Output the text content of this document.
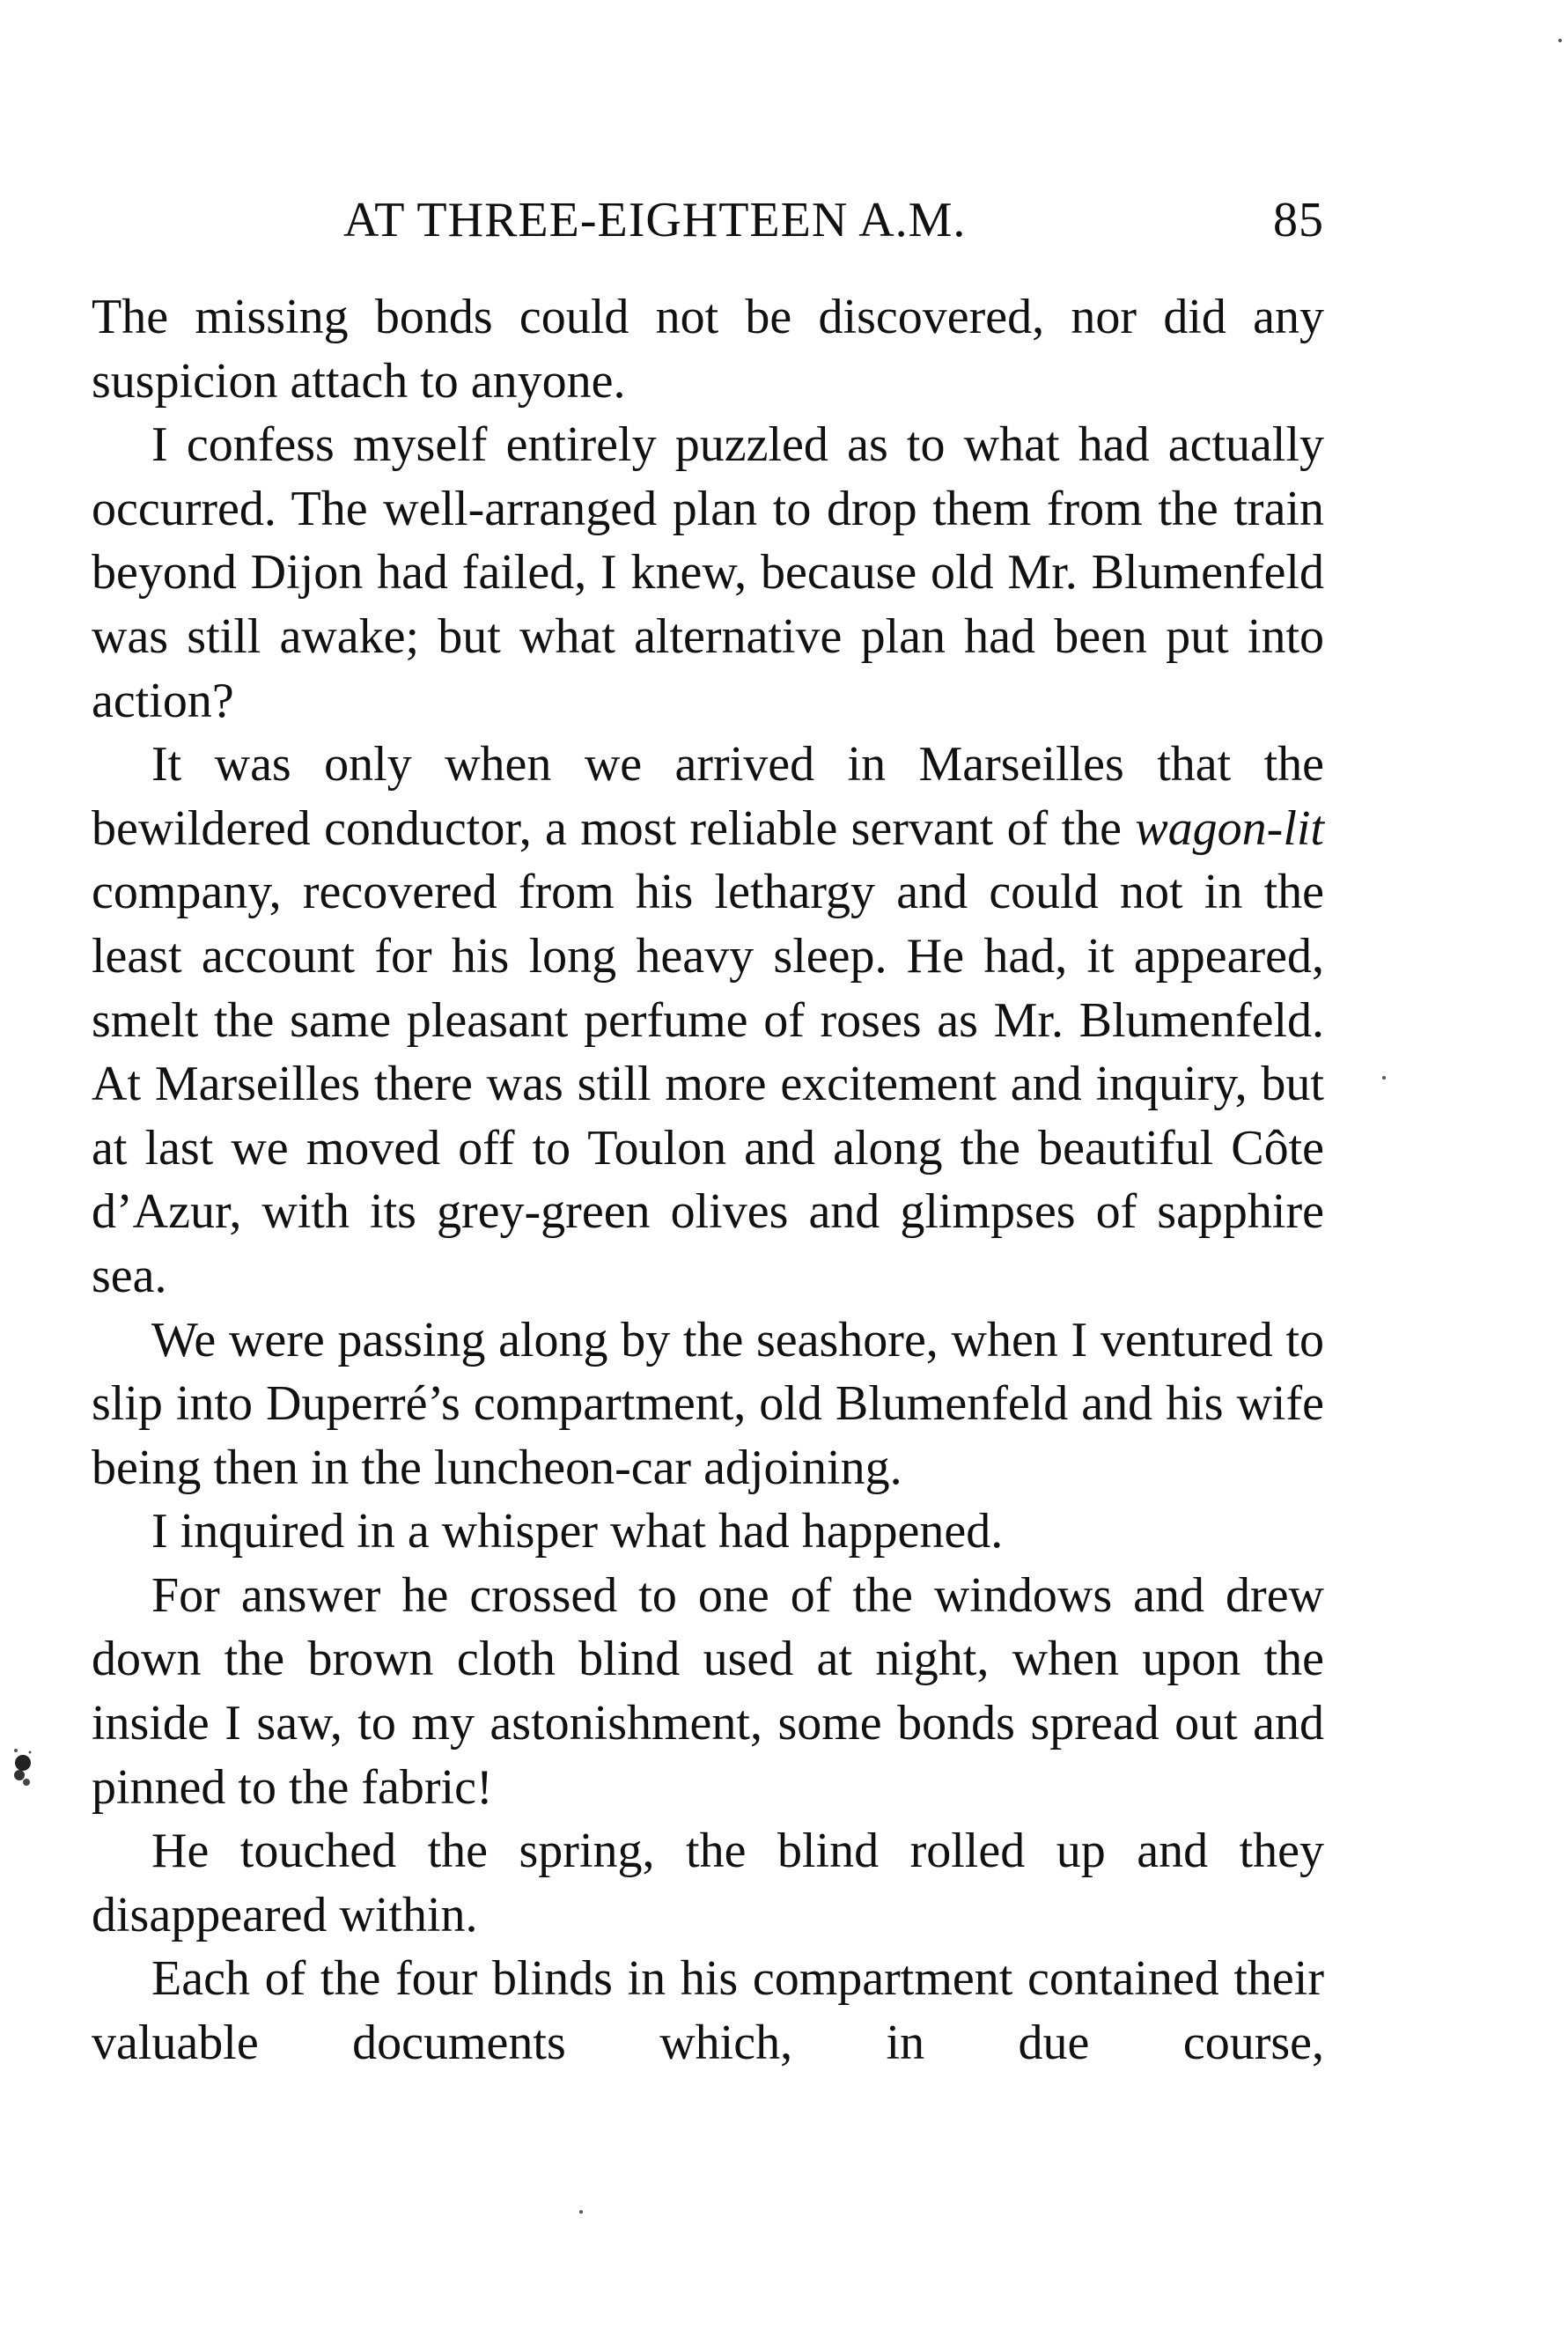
AT THREE-EIGHTEEN A.M.	85

The missing bonds could not be discovered, nor did any suspicion attach to anyone.

I confess myself entirely puzzled as to what had actually occurred. The well-arranged plan to drop them from the train beyond Dijon had failed, I knew, because old Mr. Blumenfeld was still awake; but what alternative plan had been put into action?

It was only when we arrived in Marseilles that the bewildered conductor, a most reliable servant of the wagon-lit company, recovered from his lethargy and could not in the least account for his long heavy sleep. He had, it appeared, smelt the same pleasant perfume of roses as Mr. Blumenfeld. At Marseilles there was still more excitement and inquiry, but at last we moved off to Toulon and along the beautiful Côte d’Azur, with its grey-green olives and glimpses of sapphire sea.

We were passing along by the seashore, when I ventured to slip into Duperré’s compartment, old Blumenfeld and his wife being then in the luncheon-car adjoining.

I inquired in a whisper what had happened.

For answer he crossed to one of the windows and drew down the brown cloth blind used at night, when upon the inside I saw, to my astonishment, some bonds spread out and pinned to the fabric!

He touched the spring, the blind rolled up and they disappeared within.

Each of the four blinds in his compartment contained their valuable documents which, in due course,
